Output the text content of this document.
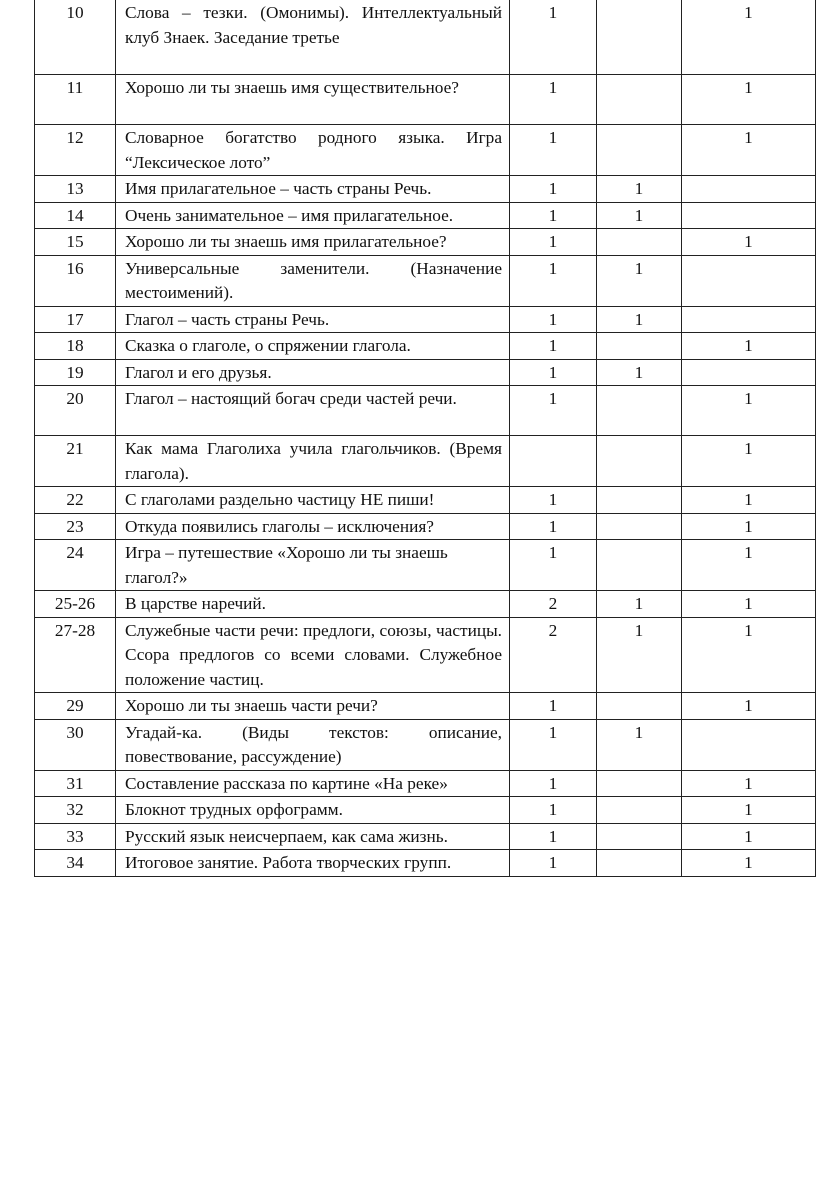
10	Слова – тезки. (Омонимы). Интеллектуальный клуб Знаек. Заседание третье	1		1
11	Хорошо ли ты знаешь имя существительное?	1		1
12	Словарное богатство родного языка. Игра “Лексическое лото”	1		1
13	Имя прилагательное – часть страны Речь.	1	1	
14	Очень занимательное – имя прилагательное.	1	1	
15	Хорошо ли ты знаешь имя прилагательное?	1		1
16	Универсальные заменители. (Назначение местоимений).	1	1	
17	Глагол – часть страны Речь.	1	1	
18	Сказка о глаголе, о спряжении глагола.	1		1
19	Глагол и его друзья.	1	1	
20	Глагол – настоящий богач среди частей речи.	1		1
21	Как мама Глаголиха учила глагольчиков. (Время глагола).			1
22	С глаголами раздельно частицу НЕ пиши!	1		1
23	Откуда появились глаголы – исключения?	1		1
24	Игра – путешествие «Хорошо ли ты знаешь глагол?»	1		1
25-26	В царстве наречий.	2	1	1
27-28	Служебные части речи: предлоги, союзы, частицы. Ссора предлогов со всеми словами. Служебное положение частиц.	2	1	1
29	Хорошо ли ты знаешь части речи?	1		1
30	Угадай-ка. (Виды текстов: описание, повествование, рассуждение)	1	1	
31	Составление рассказа по картине «На реке»	1		1
32	Блокнот трудных орфограмм.	1		1
33	Русский язык неисчерпаем, как сама жизнь.	1		1
34	Итоговое занятие. Работа творческих групп.	1		1
